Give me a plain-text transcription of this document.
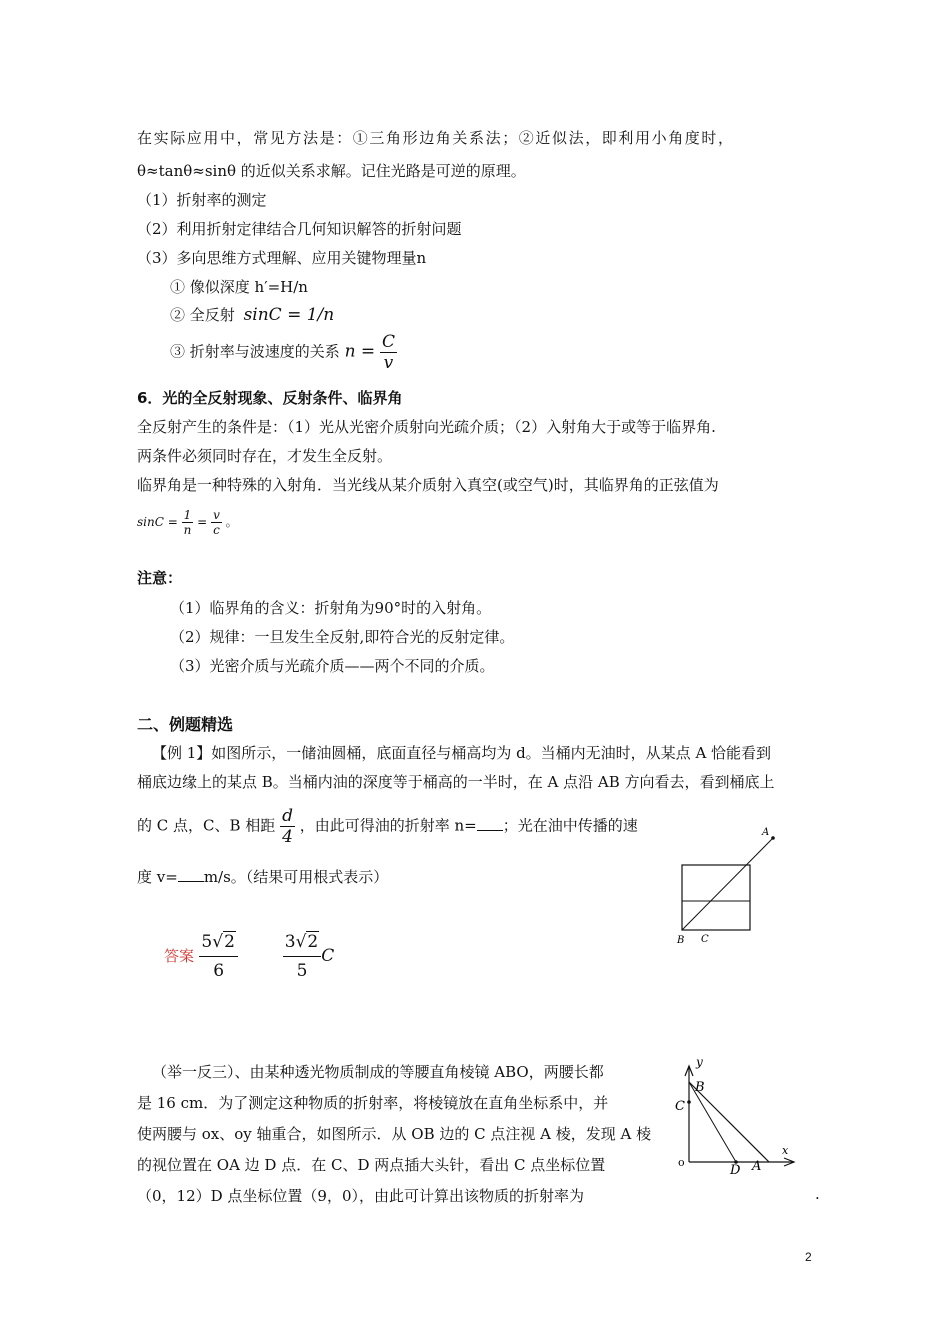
在实际应用中，常见方法是：①三角形边角关系法；②近似法，即利用小角度时，
θ≈tanθ≈sinθ 的近似关系求解。记住光路是可逆的原理。
（1）折射率的测定
（2）利用折射定律结合几何知识解答的折射问题
（3）多向思维方式理解、应用关键物理量n
① 像似深度 h′=H/n
② 全反射 sinC = 1/n
③ 折射率与波速度的关系 $n = \frac{C}{v}$
6．光的全反射现象、反射条件、临界角
全反射产生的条件是：（1）光从光密介质射向光疏介质；（2）入射角大于或等于临界角.
两条件必须同时存在，才发生全反射。
临界角是一种特殊的入射角．当光线从某介质射入真空(或空气)时，其临界角的正弦值为
$\sin C = \frac{1}{n} = \frac{v}{c}$ 。
注意：
（1）临界角的含义：折射角为90°时的入射角。
（2）规律：一旦发生全反射,即符合光的反射定律。
（3）光密介质与光疏介质——两个不同的介质。
二、例题精选
【例 1】如图所示，一储油圆桶，底面直径与桶高均为 d。当桶内无油时，从某点 A 恰能看到
桶底边缘上的某点 B。当桶内油的深度等于桶高的一半时，在 A 点沿 AB 方向看去，看到桶底上
的 C 点，C、B 相距 $\frac{d}{4}$ ，由此可得油的折射率 n= ；光在油中传播的速
度 v= m/s。（结果可用根式表示）
答案 $\frac{5√2}{6}$
	$\frac{3√2}{5}$ C
A
B C
（举一反三）、由某种透光物质制成的等腰直角棱镜 ABO，两腰长都
是 16 cm．为了测定这种物质的折射率，将棱镜放在直角坐标系中，并
使两腰与 ox、oy 轴重合，如图所示．从 OB 边的 C 点注视 A 棱，发现 A 棱
的视位置在 OA 边 D 点．在 C、D 两点插大头针，看出 C 点坐标位置
（0，12）D 点坐标位置（9，0），由此可计算出该物质的折射率为	.
y
B
C
o
D A
x
2
